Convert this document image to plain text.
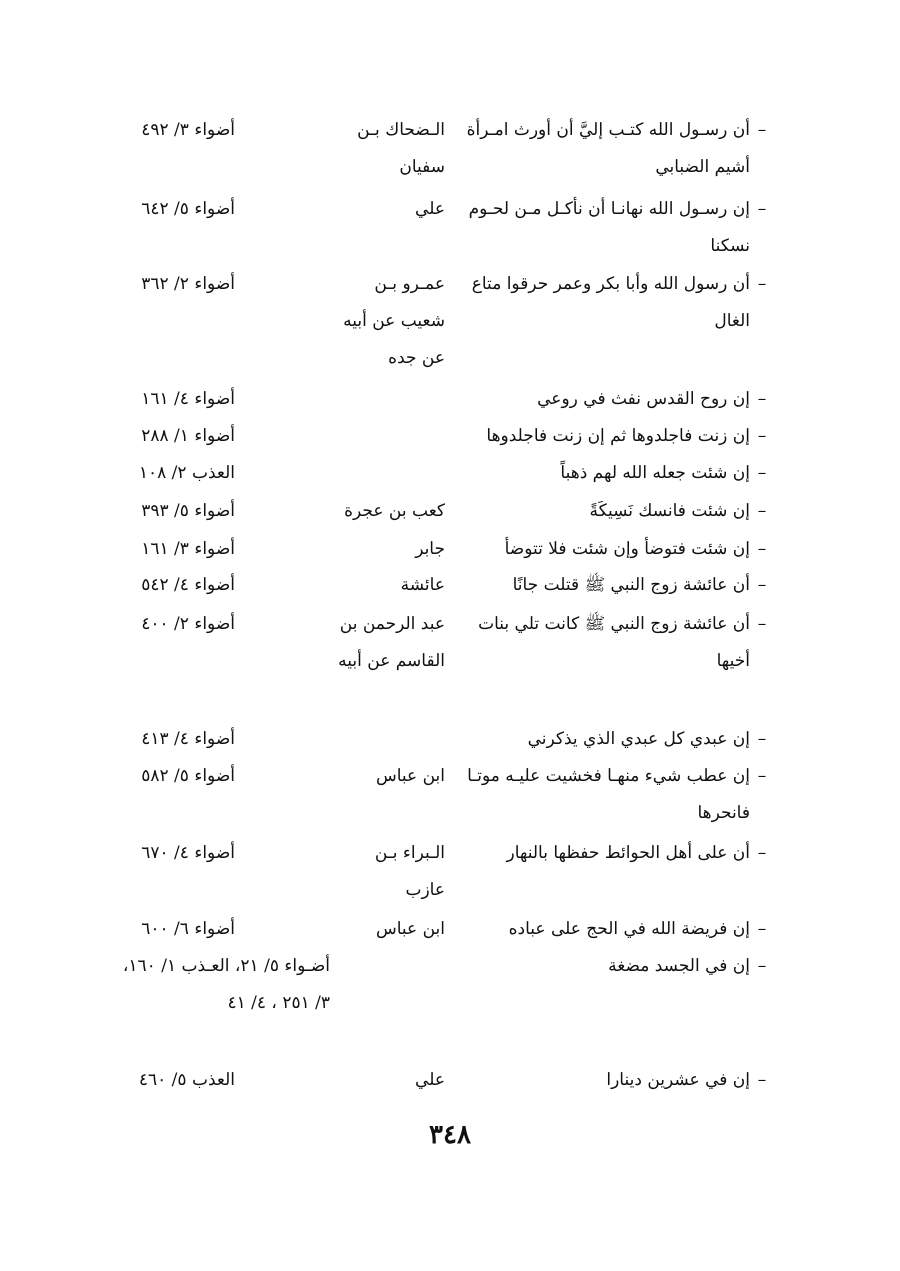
–
أن رسـول الله كتـب إليَّ أن أورث امـرأة أشيم الضبابي
الـضحاك بـن سفيان
أضواء ٣/ ٤٩٢
–
إن رسـول الله نهانـا أن نأكـل مـن لحـوم نسكنا
علي
أضواء ٥/ ٦٤٢
–
أن رسول الله وأبا بكر وعمر حرقوا متاع الغال
عمـرو بـن شعيب عن أبيه عن جده
أضواء ٢/ ٣٦٢
–
إن روح القدس نفث في روعي
أضواء ٤/ ١٦١
–
إن زنت فاجلدوها ثم إن زنت فاجلدوها
أضواء ١/ ٢٨٨
–
إن شئت جعله الله لهم ذهباً
العذب ٢/ ١٠٨
–
إن شئت فانسك نَسِيكَةً
كعب بن عجرة
أضواء ٥/ ٣٩٣
–
إن شئت فتوضأ وإن شئت فلا تتوضأ
جابر
أضواء ٣/ ١٦١
–
أن عائشة زوج النبي ﷺ قتلت جانًا
عائشة
أضواء ٤/ ٥٤٢
–
أن عائشة زوج النبي ﷺ كانت تلي بنات أخيها
عبد الرحمن بن القاسم عن أبيه
أضواء ٢/ ٤٠٠
–
إن عبدي كل عبدي الذي يذكرني
أضواء ٤/ ٤١٣
–
إن عطب شيء منهـا فخشيت عليـه موتـا فانحرها
ابن عباس
أضواء ٥/ ٥٨٢
–
أن على أهل الحوائط حفظها بالنهار
الـبراء بـن عازب
أضواء ٤/ ٦٧٠
–
إن فريضة الله في الحج على عباده
ابن عباس
أضواء ٦/ ٦٠٠
–
إن في الجسد مضغة
أضـواء ٥/ ٢١، العـذب ١/ ١٦٠، ٣/ ٢٥١ ، ٤/ ٤١
–
إن في عشرين دينارا
علي
العذب ٥/ ٤٦٠
٣٤٨
